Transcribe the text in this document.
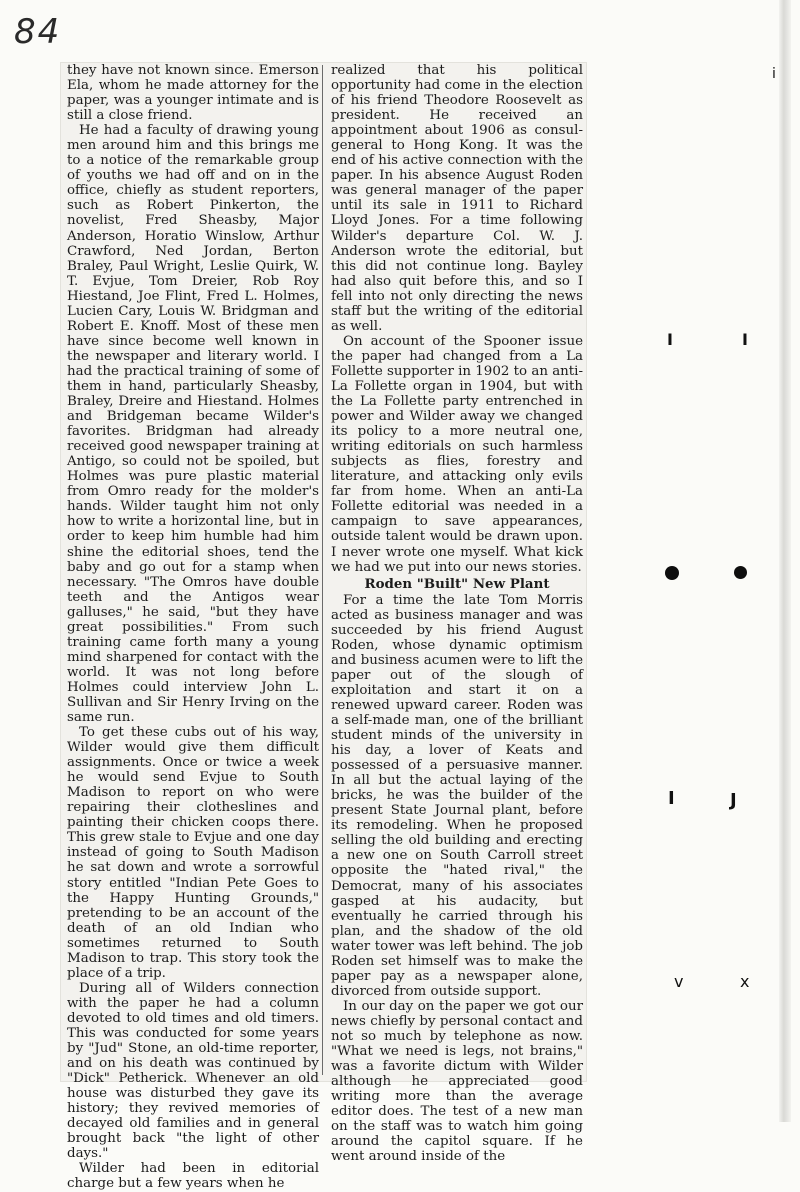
84

they have not known since. Emerson Ela, whom he made attorney for the paper, was a younger intimate and is still a close friend.

He had a faculty of drawing young men around him and this brings me to a notice of the remarkable group of youths we had off and on in the office, chiefly as student reporters, such as Robert Pinkerton, the novelist, Fred Sheasby, Major Anderson, Horatio Winslow, Arthur Crawford, Ned Jordan, Berton Braley, Paul Wright, Leslie Quirk, W. T. Evjue, Tom Dreier, Rob Roy Hiestand, Joe Flint, Fred L. Holmes, Lucien Cary, Louis W. Bridgman and Robert E. Knoff. Most of these men have since become well known in the newspaper and literary world. I had the practical training of some of them in hand, particularly Sheasby, Braley, Dreire and Hiestand. Holmes and Bridgeman became Wilder's favorites. Bridgman had already received good newspaper training at Antigo, so could not be spoiled, but Holmes was pure plastic material from Omro ready for the molder's hands. Wilder taught him not only how to write a horizontal line, but in order to keep him humble had him shine the editorial shoes, tend the baby and go out for a stamp when necessary. "The Omros have double teeth and the Antigos wear galluses," he said, "but they have great possibilities." From such training came forth many a young mind sharpened for contact with the world. It was not long before Holmes could interview John L. Sullivan and Sir Henry Irving on the same run.

To get these cubs out of his way, Wilder would give them difficult assignments. Once or twice a week he would send Evjue to South Madison to report on who were repairing their clotheslines and painting their chicken coops there. This grew stale to Evjue and one day instead of going to South Madison he sat down and wrote a sorrowful story entitled "Indian Pete Goes to the Happy Hunting Grounds," pretending to be an account of the death of an old Indian who sometimes returned to South Madison to trap. This story took the place of a trip.

During all of Wilders connection with the paper he had a column devoted to old times and old timers. This was conducted for some years by "Jud" Stone, an old-time reporter, and on his death was continued by "Dick" Petherick. Whenever an old house was disturbed they gave its history; they revived memories of decayed old families and in general brought back "the light of other days."

Wilder had been in editorial charge but a few years when he

realized that his political opportunity had come in the election of his friend Theodore Roosevelt as president. He received an appointment about 1906 as consul-general to Hong Kong. It was the end of his active connection with the paper. In his absence August Roden was general manager of the paper until its sale in 1911 to Richard Lloyd Jones. For a time following Wilder's departure Col. W. J. Anderson wrote the editorial, but this did not continue long. Bayley had also quit before this, and so I fell into not only directing the news staff but the writing of the editorial as well.

On account of the Spooner issue the paper had changed from a La Follette supporter in 1902 to an anti-La Follette organ in 1904, but with the La Follette party entrenched in power and Wilder away we changed its policy to a more neutral one, writing editorials on such harmless subjects as flies, forestry and literature, and attacking only evils far from home. When an anti-La Follette editorial was needed in a campaign to save appearances, outside talent would be drawn upon. I never wrote one myself. What kick we had we put into our news stories.

Roden "Built" New Plant

For a time the late Tom Morris acted as business manager and was succeeded by his friend August Roden, whose dynamic optimism and business acumen were to lift the paper out of the slough of exploitation and start it on a renewed upward career. Roden was a self-made man, one of the brilliant student minds of the university in his day, a lover of Keats and possessed of a persuasive manner. In all but the actual laying of the bricks, he was the builder of the present State Journal plant, before its remodeling. When he proposed selling the old building and erecting a new one on South Carroll street opposite the "hated rival," the Democrat, many of his associates gasped at his audacity, but eventually he carried through his plan, and the shadow of the old water tower was left behind. The job Roden set himself was to make the paper pay as a newspaper alone, divorced from outside support.

In our day on the paper we got our news chiefly by personal contact and not so much by telephone as now. "What we need is legs, not brains," was a favorite dictum with Wilder although he appreciated good writing more than the average editor does. The test of a new man on the staff was to watch him going around the capitol square. If he went around inside of the

i
I	I
I	J
v	x
